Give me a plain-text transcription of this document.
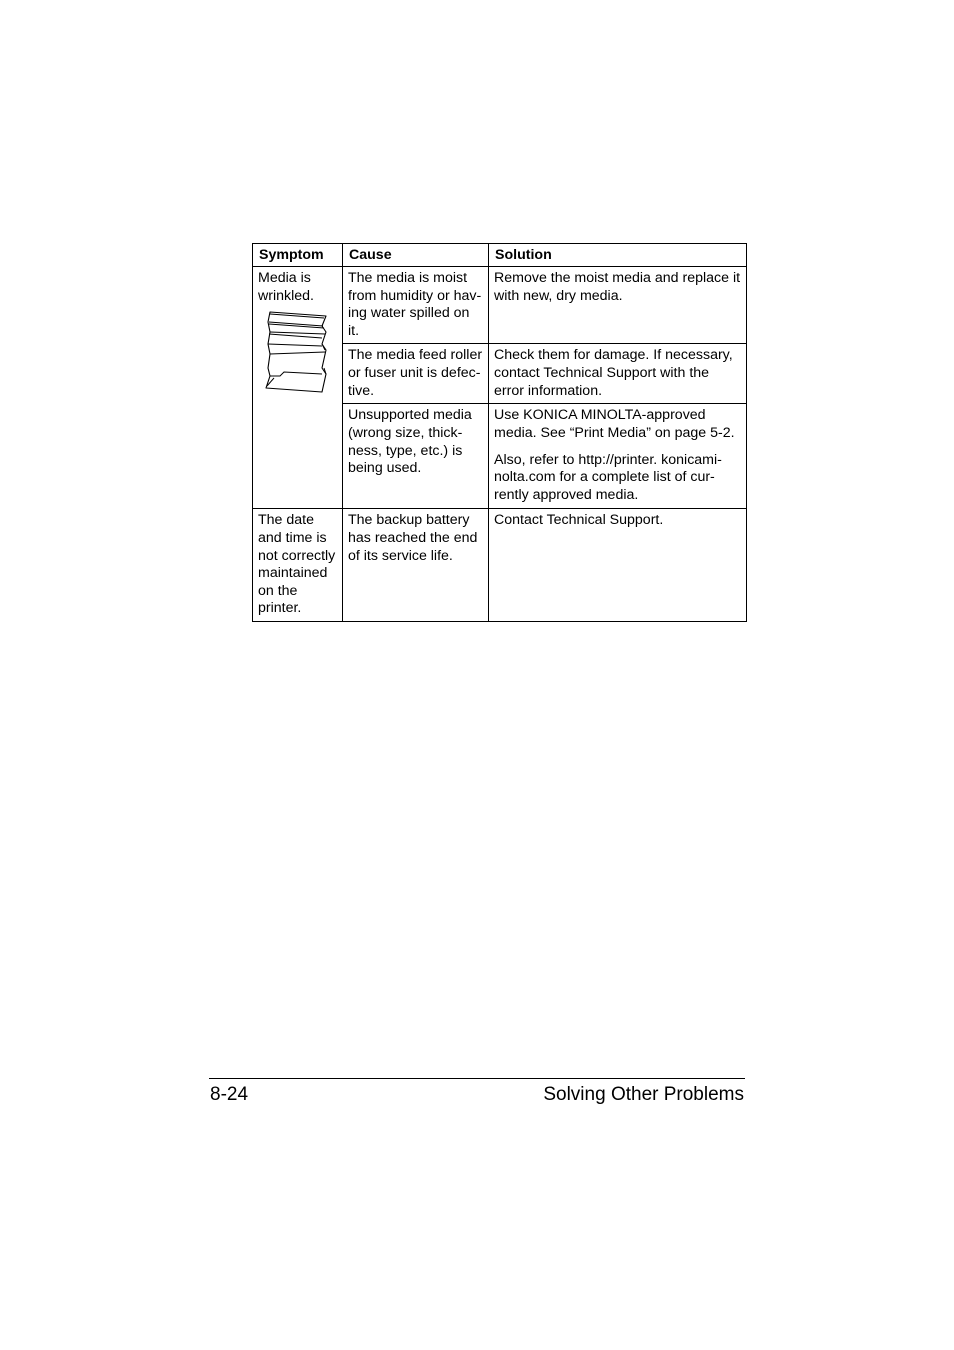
Symptom	Cause	Solution

Media is wrinkled.	The media is moist from humidity or hav-ing water spilled on it.	Remove the moist media and replace it with new, dry media.

	The media feed roller or fuser unit is defec-tive.	Check them for damage. If necessary, contact Technical Support with the error information.

	Unsupported media (wrong size, thick-ness, type, etc.) is being used.	Use KONICA MINOLTA-approved media. See “Print Media” on page 5-2.
Also, refer to http://printer. konicami-nolta.com for a complete list of cur-rently approved media.

The date and time is not correctly maintained on the printer.	The backup battery has reached the end of its service life.	Contact Technical Support.
8-24	Solving Other Problems
